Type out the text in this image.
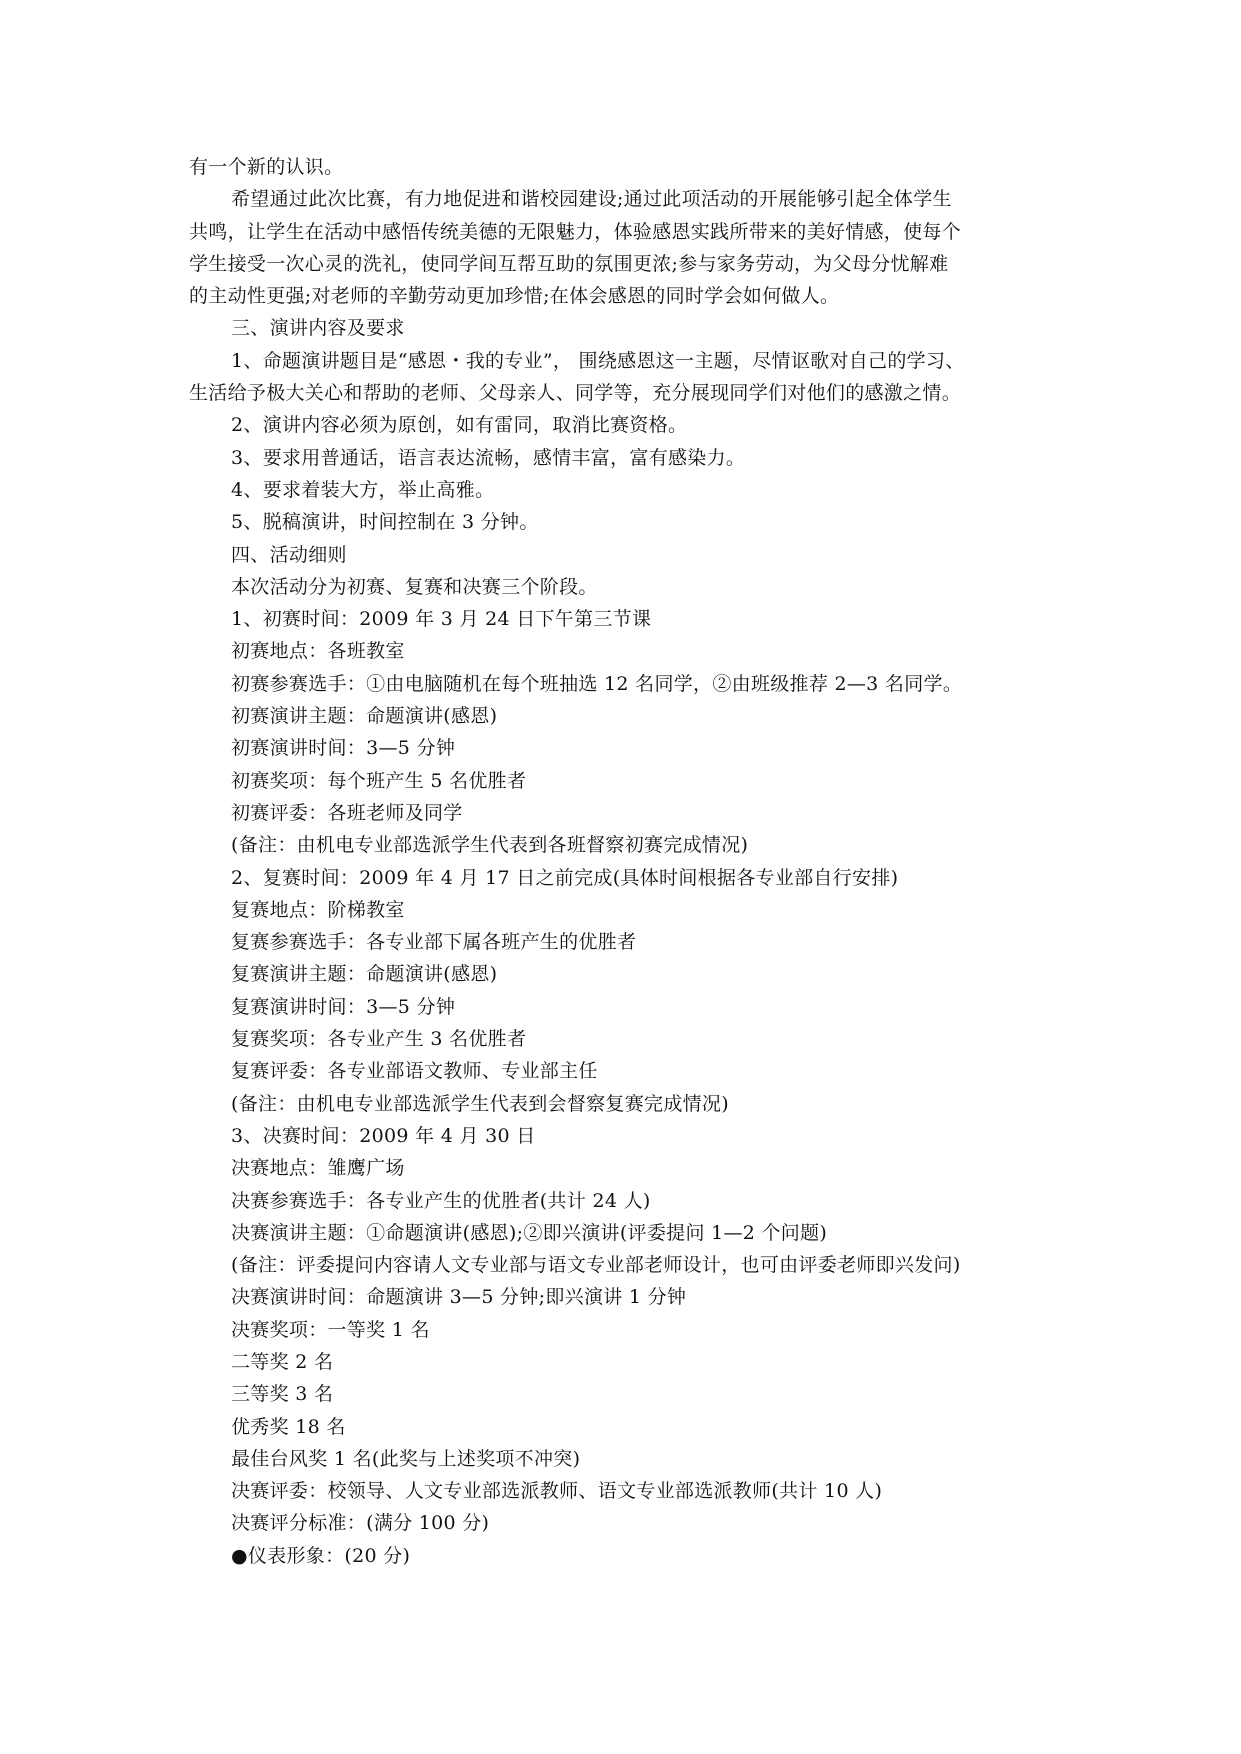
有一个新的认识。
希望通过此次比赛，有力地促进和谐校园建设;通过此项活动的开展能够引起全体学生
共鸣，让学生在活动中感悟传统美德的无限魅力，体验感恩实践所带来的美好情感，使每个
学生接受一次心灵的洗礼，使同学间互帮互助的氛围更浓;参与家务劳动，为父母分忧解难
的主动性更强;对老师的辛勤劳动更加珍惜;在体会感恩的同时学会如何做人。
三、演讲内容及要求
1、命题演讲题目是“感恩・我的专业”， 围绕感恩这一主题，尽情讴歌对自己的学习、
生活给予极大关心和帮助的老师、父母亲人、同学等，充分展现同学们对他们的感激之情。
2、演讲内容必须为原创，如有雷同，取消比赛资格。
3、要求用普通话，语言表达流畅，感情丰富，富有感染力。
4、要求着装大方，举止高雅。
5、脱稿演讲，时间控制在 3 分钟。
四、活动细则
本次活动分为初赛、复赛和决赛三个阶段。
1、初赛时间：2009 年 3 月 24 日下午第三节课
初赛地点：各班教室
初赛参赛选手：①由电脑随机在每个班抽选 12 名同学，②由班级推荐 2—3 名同学。
初赛演讲主题：命题演讲(感恩)
初赛演讲时间：3—5 分钟
初赛奖项：每个班产生 5 名优胜者
初赛评委：各班老师及同学
(备注：由机电专业部选派学生代表到各班督察初赛完成情况)
2、复赛时间：2009 年 4 月 17 日之前完成(具体时间根据各专业部自行安排)
复赛地点：阶梯教室
复赛参赛选手：各专业部下属各班产生的优胜者
复赛演讲主题：命题演讲(感恩)
复赛演讲时间：3—5 分钟
复赛奖项：各专业产生 3 名优胜者
复赛评委：各专业部语文教师、专业部主任
(备注：由机电专业部选派学生代表到会督察复赛完成情况)
3、决赛时间：2009 年 4 月 30 日
决赛地点：雏鹰广场
决赛参赛选手：各专业产生的优胜者(共计 24 人)
决赛演讲主题：①命题演讲(感恩);②即兴演讲(评委提问 1—2 个问题)
(备注：评委提问内容请人文专业部与语文专业部老师设计，也可由评委老师即兴发问)
决赛演讲时间：命题演讲 3—5 分钟;即兴演讲 1 分钟
决赛奖项：一等奖 1 名
二等奖 2 名
三等奖 3 名
优秀奖 18 名
最佳台风奖 1 名(此奖与上述奖项不冲突)
决赛评委：校领导、人文专业部选派教师、语文专业部选派教师(共计 10 人)
决赛评分标准：(满分 100 分)
●仪表形象：(20 分)
